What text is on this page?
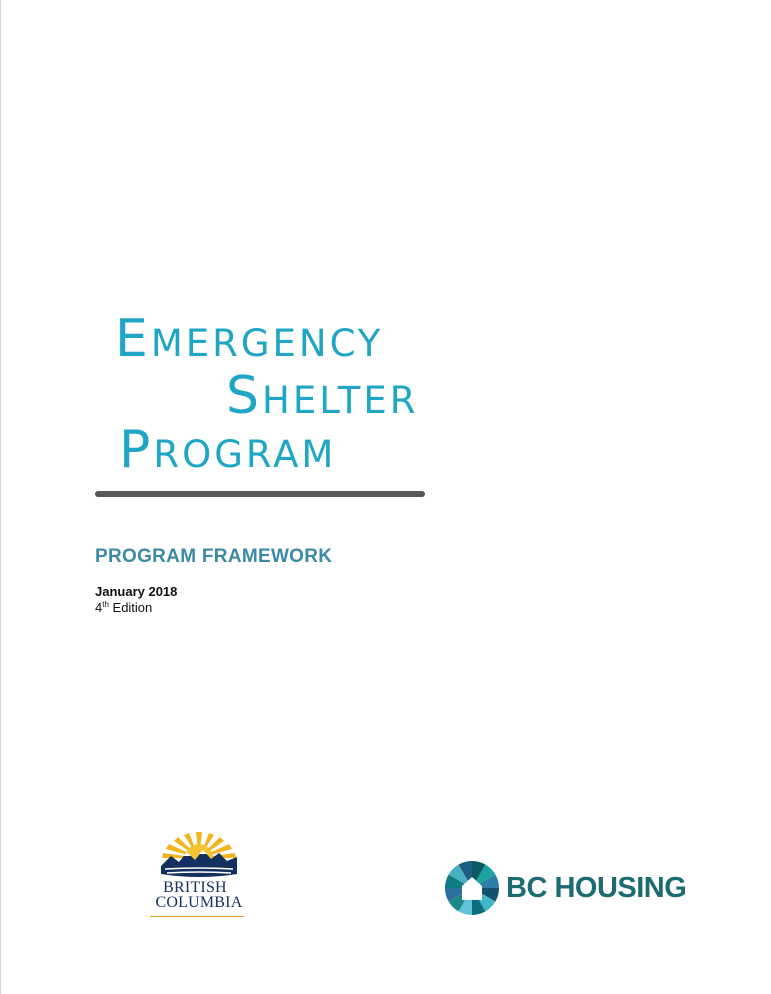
EMERGENCY
SHELTER
PROGRAM
PROGRAM FRAMEWORK
January 2018
4th Edition
BRITISH
COLUMBIA	BC HOUSING
